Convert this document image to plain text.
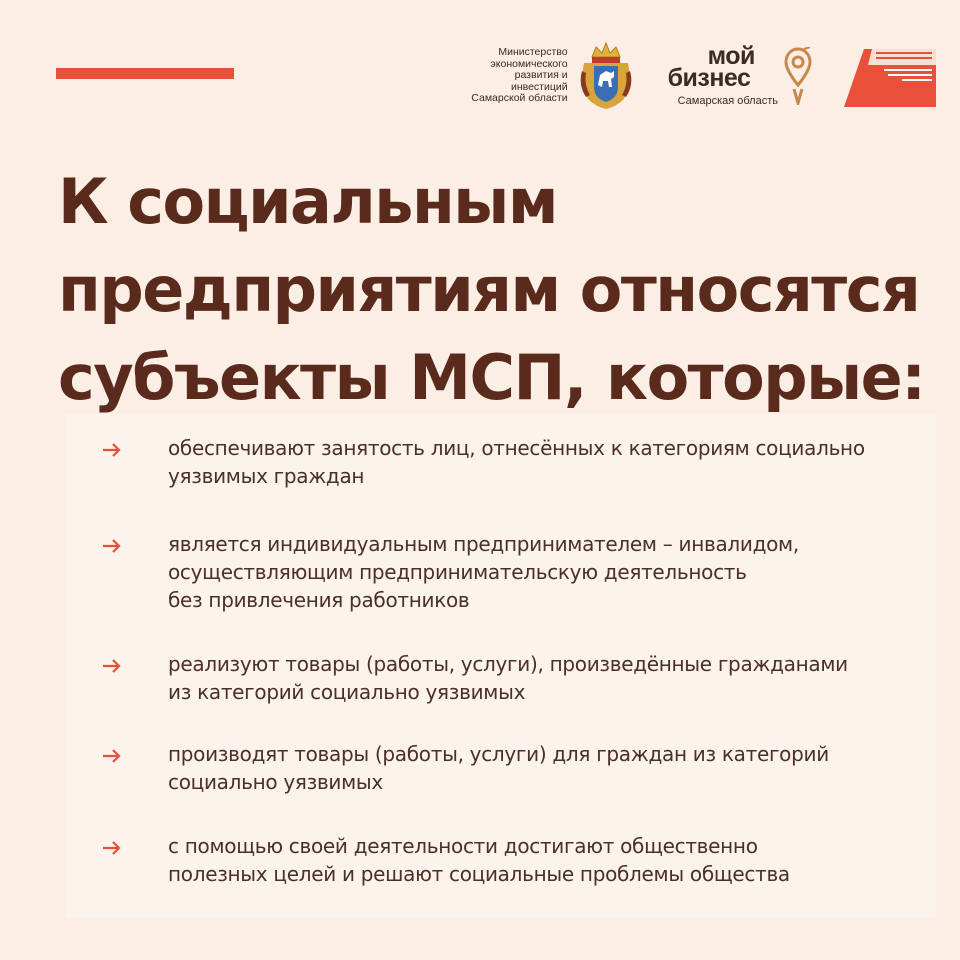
Министерство
экономического
развития и инвестиций
Самарской области
мой
бизнес
Самарская область
К социальным
предприятиям относятся
субъекты МСП, которые:
обеспечивают занятость лиц, отнесённых к категориям социально
уязвимых граждан
является индивидуальным предпринимателем – инвалидом,
осуществляющим предпринимательскую деятельность
без привлечения работников
реализуют товары (работы, услуги), произведённые гражданами
из категорий социально уязвимых
производят товары (работы, услуги) для граждан из категорий
социально уязвимых
с помощью своей деятельности достигают общественно
полезных целей и решают социальные проблемы общества
